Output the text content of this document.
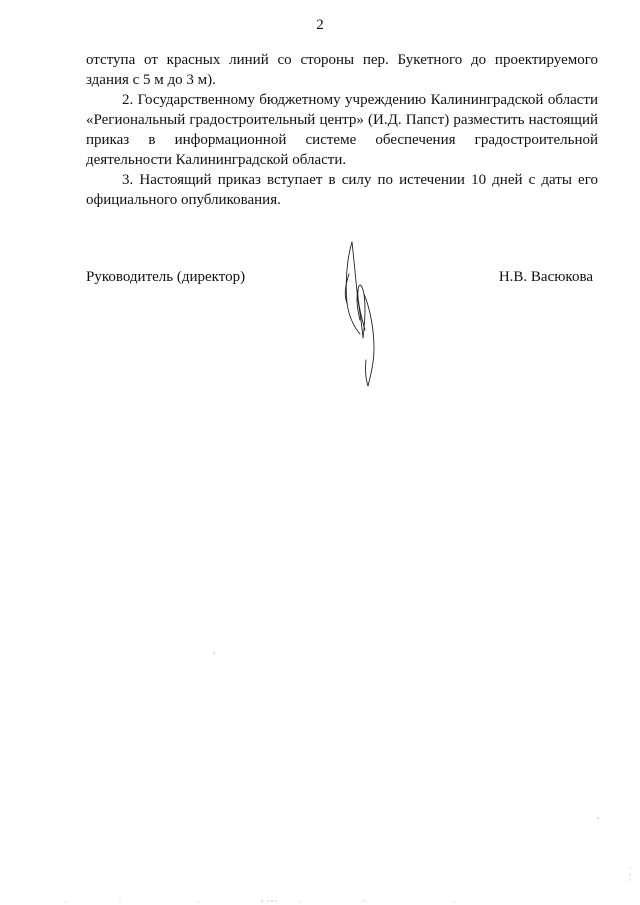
2

отступа от красных линий со стороны пер. Букетного до проектируемого здания с 5 м до 3 м).

2. Государственному бюджетному учреждению Калининградской области «Региональный градостроительный центр» (И.Д. Папст) разместить настоящий приказ в информационной системе обеспечения градостроительной деятельности Калининградской области.

3. Настоящий приказ вступает в силу по истечении 10 дней с даты его официального опубликования.

Руководитель (директор)	Н.В. Васюкова
